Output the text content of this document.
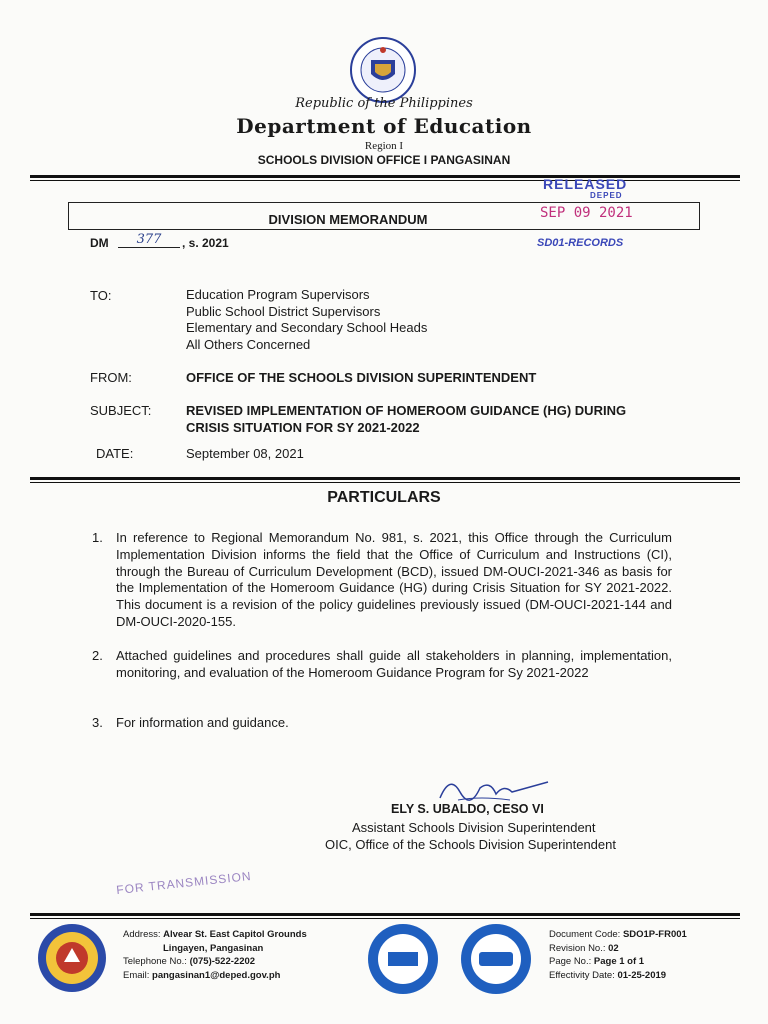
Republic of the Philippines
Department of Education
Region I
SCHOOLS DIVISION OFFICE I PANGASINAN
RELEASED
DEPED
SEP 09 2021
SD01-RECORDS
DIVISION MEMORANDUM
DM	377	, s. 2021
TO:	Education Program Supervisors
Public School District Supervisors
Elementary and Secondary School Heads
All Others Concerned
FROM:	OFFICE OF THE SCHOOLS DIVISION SUPERINTENDENT
SUBJECT:	REVISED IMPLEMENTATION OF HOMEROOM GUIDANCE (HG) DURING
CRISIS SITUATION FOR SY 2021-2022
DATE:	September 08, 2021
PARTICULARS
1. In reference to Regional Memorandum No. 981, s. 2021, this Office through the Curriculum Implementation Division informs the field that the Office of Curriculum and Instructions (CI), through the Bureau of Curriculum Development (BCD), issued DM-OUCI-2021-346 as basis for the Implementation of the Homeroom Guidance (HG) during Crisis Situation for SY 2021-2022. This document is a revision of the policy guidelines previously issued (DM-OUCI-2021-144 and DM-OUCI-2020-155.
2. Attached guidelines and procedures shall guide all stakeholders in planning, implementation, monitoring, and evaluation of the Homeroom Guidance Program for Sy 2021-2022
3. For information and guidance.
ELY S. UBALDO, CESO VI
Assistant Schools Division Superintendent
OIC, Office of the Schools Division Superintendent
FOR TRANSMISSION
Address: Alvear St. East Capitol Grounds
Lingayen, Pangasinan
Telephone No.: (075)-522-2202
Email: pangasinan1@deped.gov.ph
Document Code: SDO1P-FR001
Revision No.: 02
Page No.: Page 1 of 1
Effectivity Date: 01-25-2019
